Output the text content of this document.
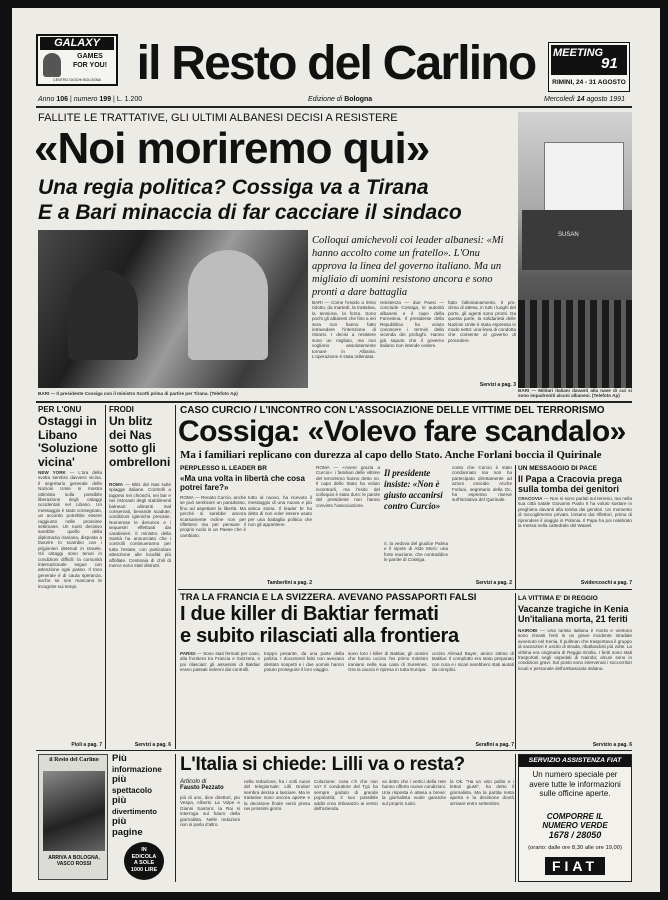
GALAXY
GAMES
FOR YOU!
CENTRO GIOCHI BOLOGNA il Resto del Carlino	MEETING
91
RIMINI, 24 - 31 AGOSTO
Anno 106 | numero 199 | L. 1.200	Edizione di Bologna	Mercoledì 14 agosto 1991
FALLITE LE TRATTATIVE, GLI ULTIMI ALBANESI DECISI A RESISTERE
«Noi moriremo qui»
Una regia politica? Cossiga va a Tirana
E a Bari minaccia di far cacciare il sindaco
BARI — Il presidente Cossiga con il ministro Scotti prima di partire per Tirana. (Telefoto Ap)
Colloqui amichevoli coi leader albanesi: «Mi hanno accolto come un fratello». L'Onu approva la linea del governo italiano. Ma un migliaio di uomini resistono ancora e sono pronti a dare battaglia
BARI — Come l'esodo a ritmo ridotto, da martedì, la trattativa, la tensione, la forza. Sono pochi gli albanesi che fino a ieri sera non hanno fatto intravedere l'intenzione di ritirarsi. I decisi a resistere sono un migliaio, ma non vogliono assolutamente tornare in Albania. L'operazione è stata rallentata.
resistenza — due Paesi — conclude Cossiga, le autorità albanesi e il capo della Farnesina. Il presidente della Repubblica ha voluto conoscere i termini della vicenda dei profughi. Hanno già saputo che il governo italiano non intende cedere.
fatto l'allontanamento. Il pro- clima di attesa, in tutti i luoghi del porto, gli agenti sono pronti. Da questa parte, la solidarietà delle Nazioni Unite è stata espressa in modo netto: una linea di condotta che consente al governo di procedere.
Servizi a pag. 3
SUSAN
BARI — Militari italiani davanti alla nave di cui si sono impadroniti alcuni albanesi. (Telefoto Ap)
PER L'ONU
Ostaggi in Libano 'Soluzione vicina'
NEW YORK — L'ora della svolta sembra davvero vicina. Il segretario generale delle Nazioni Unite si mostra ottimista sulla possibile liberazione degli ostaggi occidentali nel Libano. Un messaggio è stato consegnato, un accordo potrebbe essere raggiunto nelle prossime settimane. Un ruolo decisivo sarebbe quello della diplomazia iraniana, disposta a favorire lo scambio con i prigionieri detenuti in Israele. Gli ostaggi sono tenuti in condizioni difficili: la comunità internazionale segue con attenzione ogni passo. Il tono generale è di cauta speranza, anche se non mancano le incognite sui tempi.
Pioli a pag. 7
FRODI
Un blitz dei Nas sotto gli ombrelloni
ROMA — Blitz dei Nas sulle spiagge italiane. Controlli a tappeto nei chioschi, nei bar e nei ristoranti degli stabilimenti balneari: alimenti mal conservati, bevande scadute, condizioni igieniche precarie. Numerose le denunce e i sequestri effettuati dai carabinieri. Il ministro della Sanità ha annunciato che i controlli continueranno per tutta l'estate, con particolare attenzione alle località più affollate. Centinaia di chili di merce sono stati distrutti.
Servizi a pag. 6
CASO CURCIO / L'INCONTRO CON L'ASSOCIAZIONE DELLE VITTIME DEL TERRORISMO
Cossiga: «Volevo fare scandalo»
Ma i familiari replicano con durezza al capo dello Stato. Anche Forlani boccia il Quirinale
PERPLESSO IL LEADER BR
«Ma una volta in libertà che cosa potrei fare?»
ROMA — Renato Curcio, anche se può sembrare un paradosso, fino ad aspettare la libertà. Ma perché si sarebbe ancora scarsamente incline non per rifletterci ma per pensare il proprio ruolo in un Paese che è cambiato.
tutto al nuovo, ha ricevuto il messaggio di una nuova e più antica storia. Il leader br ha detto di non voler essere usato per una battaglia politica che non gli appartiene.
Tamberlini a pag. 2
ROMA — «Avere grazia a Curcio»: i familiari delle vittime del terrorismo hanno detto no. Il capo dello Stato ha voluto incontrarli, ma l'esito del colloquio è stato duro: le parole del presidente non hanno convinto l'associazione.
Il presidente insiste: «Non è giusto accanirsi contro Curcio»
ri, la vedova del giudice Palma e il nipote di Aldo Moro: una forte reazione, che contraddice le parole di Cossiga.
conto che Curcio è stato condannato ma non ha partecipato direttamente ad azioni omicide. Anche Forlani, segretario della Dc, ha espresso riserve sull'iniziativa del Quirinale.
Servizi a pag. 2
UN MESSAGGIO DI PACE
Il Papa a Cracovia prega sulla tomba dei genitori
CRACOVIA — Non si sono parlati sul terreno, ma nella sua città natale Giovanni Paolo II ha voluto sostare in preghiera davanti alla tomba dei genitori. Un momento di raccoglimento privato, lontano dai riflettori, prima di riprendere il viaggio in Polonia. Il Papa ha poi celebrato la messa nella cattedrale del Wawel.
Svidercoschi a pag. 7
TRA LA FRANCIA E LA SVIZZERA. AVEVANO PASSAPORTI FALSI
I due killer di Baktiar fermati
e subito rilasciati alla frontiera
PARIGI — Sono stati fermati per caso, alla frontiera tra Francia e Svizzera, e poi rilasciati: gli assassini di Baktiar erano passati indenni dai controlli.
troppo pesante, da una parte della polizia. I documenti falsi non avevano destato sospetti e i due uomini hanno potuto proseguire il loro viaggio.
sono loro i killer di Baktiar, gli uomini che hanno ucciso l'ex primo ministro iraniano nella sua casa di Suresnes. Ora la caccia è ripresa in tutta Europa.
ucciso Ahmad Bayer, amico intimo di Baktiar. Il complotto era stato preparato con cura e i sicari sarebbero stati aiutati da complici.
Serafini a pag. 7
LA VITTIMA E' DI REGGIO
Vacanze tragiche in Kenia Un'italiana morta, 21 feriti
NAIROBI — Una turista italiana è morta e ventuno sono rimasti feriti in un grave incidente stradale avvenuto nel Kenia. Il pullman che trasportava il gruppo di vacanzieri è uscito di strada, ribaltandosi più volte. La vittima era originaria di Reggio Emilia. I feriti sono stati trasportati negli ospedali di Nairobi; alcuni sono in condizioni gravi. Sul posto sono intervenuti i soccorritori locali e personale dell'ambasciata italiana.
Servizio a pag. 6
il Resto del Carlino
ARRIVA A BOLOGNA, VASCO ROSSI
Più
informazione
più
spettacolo
più
divertimento
più
pagine
IN
EDICOLA
A SOLE
1000 LIRE
L'Italia si chiede: Lilli va o resta?
Articolo di
Fausto Pezzato
più di uno, dice direttori, piu Vespa, Alberto La Volpe e Gianni Santoro: la Rai si interroga sul futuro della giornalista. Nelle redazioni non si parla d'altro.
nella redazione, fra i volti nuovi del telegiornale: Lilli Gruber sembra decisa a lasciare. Ma le trattative sono ancora aperte e la decisione finale verrà presa nei prossimi giorni.
Colazione: cosa c'è che non va? Il conduttore del Tg1 ha sempre goduto di grande popolarità; il suo possibile addio crea imbarazzo ai vertici dell'azienda.
va detto che i vertici della rete hanno offerto nuove condizioni. Una risposta è attesa a breve: la giornalista vuole garanzie sul proprio ruolo.
la Ok. "Ha un viso pulito e i lettori giusti", ha detto il giornalista. Ma la partita resta aperta e la decisione dovrà arrivare entro settembre.
SERVIZIO ASSISTENZA FIAT
Un numero speciale per avere tutte le informazioni sulle officine aperte.
COMPORRE IL
NUMERO VERDE
1678 / 28050
(orario: dalle ore 8,30 alle ore 19,00)
FIAT
